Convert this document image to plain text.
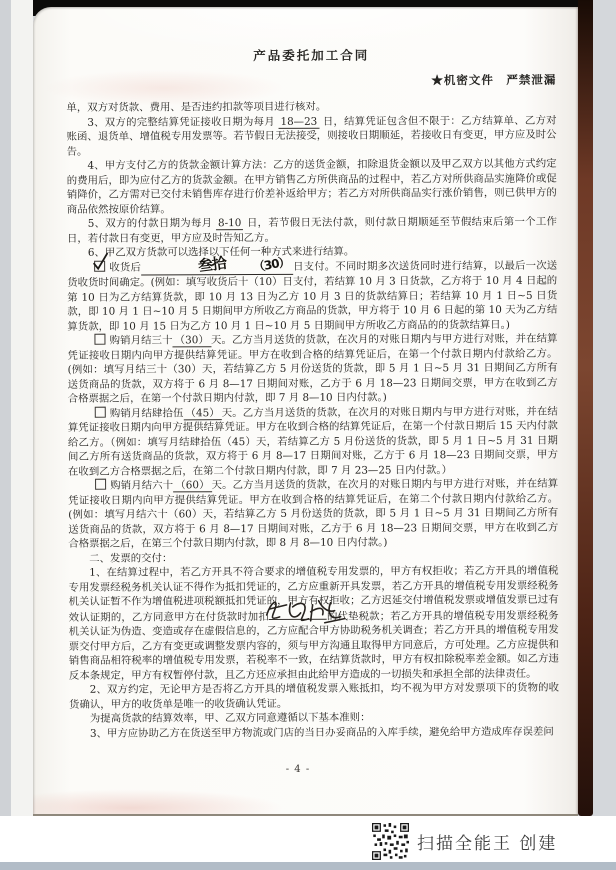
产品委托加工合同
★机密文件　严禁泄漏

单，双方对货款、费用、是否违约扣款等项目进行核对。

3、双方的完整结算凭证接收日期为每月 18—23 日，结算凭证包含但不限于：乙方结算单、乙方对账函、退货单、增值税专用发票等。若节假日无法接受，则接收日期顺延，若接收日有变更，甲方应及时公告。

4、甲方支付乙方的货款金额计算方法：乙方的送货金额，扣除退货金额以及甲乙双方以其他方式约定的费用后，即为应付乙方的货款金额。在甲方销售乙方所供商品的过程中，若乙方对所供商品实施降价或促销降价，乙方需对已交付未销售库存进行价差补返给甲方；若乙方对所供商品实行涨价销售，则已供甲方的商品依然按原价结算。

5、双方的付款日期为每月 8-10 日，若节假日无法付款，则付款日期顺延至节假结束后第一个工作日，若付款日有变更，甲方应及时告知乙方。

6、甲乙双方货款可以选择以下任何一种方式来进行结算。

收货后	叁拾 （30） 日支付。不同时期多次送货同时进行结算，以最后一次送货收货时间确定。(例如：填写收货后十（10）日支付，若结算 10 月 3 日货款，乙方将于 10 月 4 日起的第 10 日为乙方结算货款，即 10 月 13 日为乙方 10 月 3 日的货款结算日；若结算 10 月 1 日~5 日货款，即 10 月 1 日~10 月 5 日期间甲方所收乙方商品的货款，甲方将于 10 月 6 日起的第 10 天为乙方结算货款，即 10 月 15 日为乙方 10 月 1 日~10 月 5 日期间甲方所收乙方商品的的货款结算日。)

购销月结三十 （30） 天。乙方当月送货的货款，在次月的对账日期内与甲方进行对账，并在结算凭证接收日期内向甲方提供结算凭证。甲方在收到合格的结算凭证后，在第一个付款日期内付款给乙方。(例如：填写月结三十（30）天，若结算乙方 5 月份送货的货款，即 5 月 1 日~5 月 31 日期间乙方所有送货商品的货款，双方将于 6 月 8—17 日期间对账，乙方于 6 月 18—23 日期间交票，甲方在收到乙方合格票据之后，在第一个付款日期内付款，即 7 月 8—10 日内付款。)

购销月结肆拾伍 （45） 天。乙方当月送货的货款，在次月的对账日期内与甲方进行对账，并在结算凭证接收日期内向甲方提供结算凭证。甲方在收到合格的结算凭证后，在第一个付款日期后 15 天内付款给乙方。（例如：填写月结肆拾伍（45）天，若结算乙方 5 月份送货的货款，即 5 月 1 日~5 月 31 日期间乙方所有送货商品的货款，双方将于 6 月 8—17 日期间对账，乙方于 6 月 18—23 日期间交票，甲方在收到乙方合格票据之后，在第二个付款日期内付款，即 7 月 23—25 日内付款。）

购销月结六十 （60） 天。乙方当月送货的货款，在次月的对账日期内与甲方进行对账，并在结算凭证接收日期内向甲方提供结算凭证。甲方在收到合格的结算凭证后，在第二个付款日期内付款给乙方。(例如：填写月结六十（60）天，若结算乙方 5 月份送货的货款，即 5 月 1 日~5 月 31 日期间乙方所有送货商品的货款，双方将于 6 月 8—17 日期间对账，乙方于 6 月 18—23 日期间交票，甲方在收到乙方合格票据之后，在第三个付款日期内付款，即 8 月 8—10 日内付款。)

二、发票的交付：

1、在结算过程中，若乙方开具不符合要求的增值税专用发票的，甲方有权拒收；若乙方开具的增值税专用发票经税务机关认证不得作为抵扣凭证的，乙方应重新开具发票，若乙方开具的增值税专用发票经税务机关认证暂不作为增值税进项税额抵扣凭证的，甲方有权拒收；乙方迟延交付增值税发票或增值发票已过有效认证期的，乙方同意甲方在付货款时加扣	的代垫税款；若乙方开具的增值税专用发票经税务机关认证为伪造、变造或存在虚假信息的，乙方应配合甲方协助税务机关调查；若乙方开具的增值税专用发票交付甲方后，乙方有变更或调整发票内容的，须与甲方沟通且取得甲方同意后，方可处理。乙方应提供和销售商品相符税率的增值税专用发票，若税率不一致，在结算货款时，甲方有权扣除税率差金额。如乙方违反本条规定，甲方有权暂停付款，且乙方还应承担由此给甲方造成的一切损失和承担全部的法律责任。

2、双方约定，无论甲方是否将乙方开具的增值税发票入账抵扣，均不视为甲方对发票项下的货物的收货确认，甲方的收货单是唯一的收货确认凭证。

为提高货款的结算效率，甲、乙双方同意遵循以下基本准则：

3、甲方应协助乙方在货送至甲方物流或门店的当日办妥商品的入库手续，避免给甲方造成库存误差问

- 4 -
扫描全能王 创建
